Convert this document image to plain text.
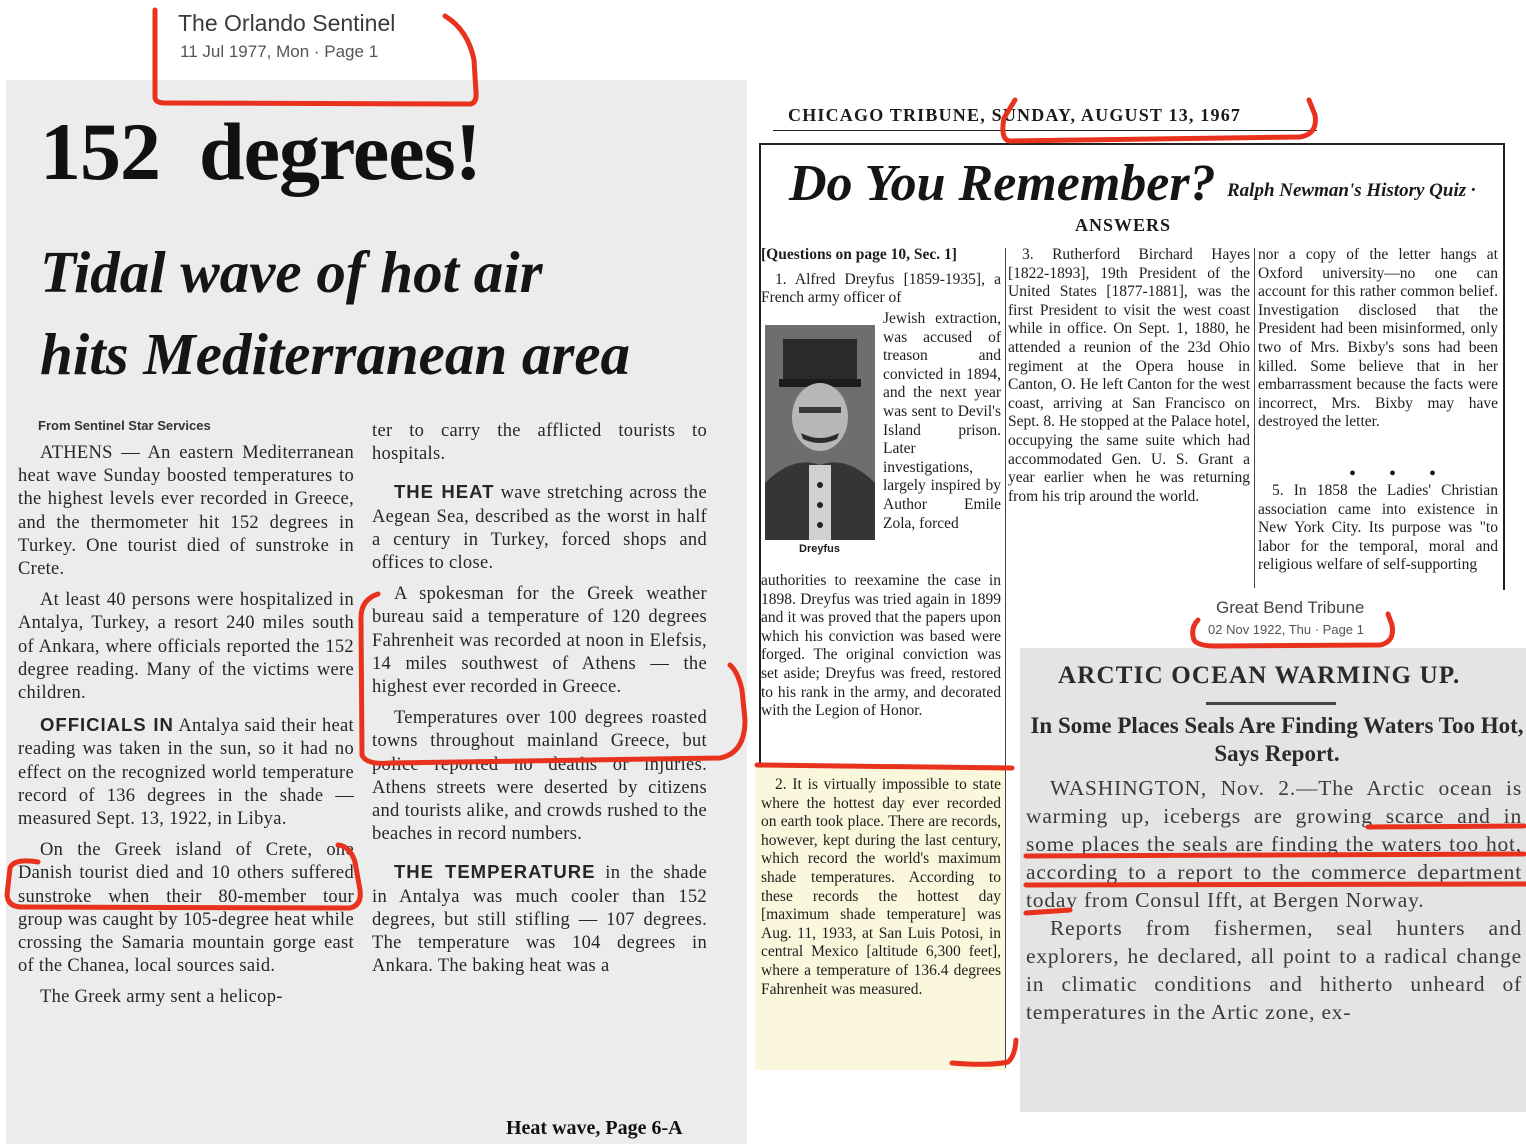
The Orlando Sentinel
11 Jul 1977, Mon · Page 1
152  degrees!
Tidal wave of hot air
hits Mediterranean area
From Sentinel Star Services

ATHENS — An eastern Mediterranean heat wave Sunday boosted temperatures to the highest levels ever recorded in Greece, and the thermometer hit 152 degrees in Turkey. One tourist died of sunstroke in Crete.

At least 40 persons were hospitalized in Antalya, Turkey, a resort 240 miles south of Ankara, where officials reported the 152 degree reading. Many of the victims were children.

OFFICIALS IN Antalya said their heat reading was taken in the sun, so it had no effect on the recognized world temperature record of 136 degrees in the shade — measured Sept. 13, 1922, in Libya.

On the Greek island of Crete, one Danish tourist died and 10 others suffered sunstroke when their 80-member tour group was caught by 105-degree heat while crossing the Samaria mountain gorge east of the Chanea, local sources said.

The Greek army sent a helicop-

ter to carry the afflicted tourists to hospitals.

THE HEAT wave stretching across the Aegean Sea, described as the worst in half a century in Turkey, forced shops and offices to close.

A spokesman for the Greek weather bureau said a temperature of 120 degrees Fahrenheit was recorded at noon in Elefsis, 14 miles southwest of Athens — the highest ever recorded in Greece.

Temperatures over 100 degrees roasted towns throughout mainland Greece, but police reported no deaths or injuries. Athens streets were deserted by citizens and tourists alike, and crowds rushed to the beaches in record numbers.

THE TEMPERATURE in the shade in Antalya was much cooler than 152 degrees, but still stifling — 107 degrees. The temperature was 104 degrees in Ankara. The baking heat was a

Heat wave, Page 6-A
CHICAGO TRIBUNE, SUNDAY, AUGUST 13, 1967
Do You Remember? Ralph Newman's History Quiz ·
ANSWERS

[Questions on page 10, Sec. 1]

1. Alfred Dreyfus [1859-1935], a French army officer of

Dreyfus

Jewish extraction, was accused of treason and convicted in 1894, and the next year was sent to Devil's Island prison. Later investigations, largely inspired by Author Emile Zola, forced

authorities to reexamine the case in 1898. Dreyfus was tried again in 1899 and it was proved that the papers upon which his conviction was based were forged. The original conviction was set aside; Dreyfus was freed, restored to his rank in the army, and decorated with the Legion of Honor.

2. It is virtually impossible to state where the hottest day ever recorded on earth took place. There are records, however, kept during the last century, which record the world's maximum shade temperatures. According to these records the hottest day [maximum shade temperature] was Aug. 11, 1933, at San Luis Potosi, in central Mexico [altitude 6,300 feet], where a temperature of 136.4 degrees Fahrenheit was measured.

3. Rutherford Birchard Hayes [1822-1893], 19th President of the United States [1877-1881], was the first President to visit the west coast while in office. On Sept. 1, 1880, he attended a reunion of the 23d Ohio regiment at the Opera house in Canton, O. He left Canton for the west coast, arriving at San Francisco on Sept. 8. He stopped at the Palace hotel, occupying the same suite which had accommodated Gen. U. S. Grant a year earlier when he was returning from his trip around the world.

nor a copy of the letter hangs at Oxford university—no one can account for this rather common belief. Investigation disclosed that the President had been misinformed, only two of Mrs. Bixby's sons had been killed. Some believe that in her embarrassment because the facts were incorrect, Mrs. Bixby may have destroyed the letter.

• • •

5. In 1858 the Ladies' Christian association came into existence in New York City. Its purpose was "to labor for the temporal, moral and religious welfare of self-supporting

Great Bend Tribune
02 Nov 1922, Thu · Page 1
ARCTIC OCEAN WARMING UP.
In Some Places Seals Are Finding Waters Too Hot, Says Report.

WASHINGTON, Nov. 2.—The Arctic ocean is warming up, icebergs are growing scarce and in some places the seals are finding the waters too hot, according to a report to the commerce department today from Consul Ifft, at Bergen Norway.

Reports from fishermen, seal hunters and explorers, he declared, all point to a radical change in climatic conditions and hitherto unheard of temperatures in the Artic zone, ex-
